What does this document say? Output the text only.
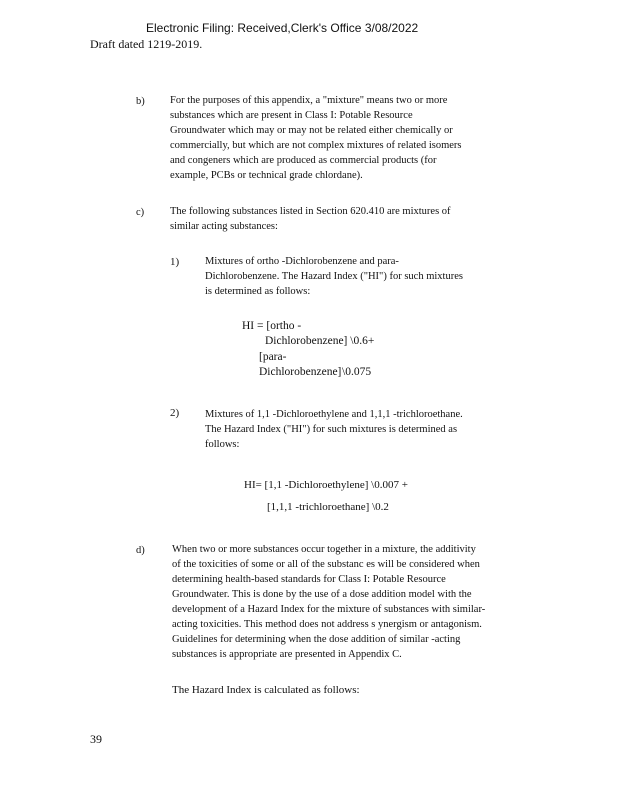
Electronic Filing: Received,Clerk's Office 3/08/2022
Draft dated 1219-2019.
b) For the purposes of this appendix, a "mixture" means two or more
substances which are present in Class I: Potable Resource
Groundwater which may or may not be related either chemically or
commercially, but which are not complex mixtures of related isomers
and congeners which are produced as commercial products (for
example, PCBs or technical grade chlordane).
c) The following substances listed in Section 620.410 are mixtures of
similar acting substances:
1) Mixtures of ortho -Dichlorobenzene and para-
Dichlorobenzene. The Hazard Index ("HI") for such mixtures
is determined as follows:
HI = [ortho -
Dichlorobenzene] \0.6+
[para-
Dichlorobenzene] \0.075
2) Mixtures of 1,1 -Dichloroethylene and 1,1,1 -trichloroethane.
The Hazard Index ("HI") for such mixtures is determined as
follows:
HI= [1,1 -Dichloroethylene] \0.007 +
[1,1,1 -trichloroethane] \0.2
d)	When two or more substances occur together in a mixture, the additivity
of the toxicities of some or all of the substanc es will be considered when
determining health-based standards for Class I: Potable Resource
Groundwater. This is done by the use of a dose addition model with the
development of a Hazard Index for the mixture of substances with similar-
acting toxicities. This method does not address s ynergism or antagonism.
Guidelines for determining when the dose addition of similar -acting
substances is appropriate are presented in Appendix C.
The Hazard Index is calculated as follows:
39
